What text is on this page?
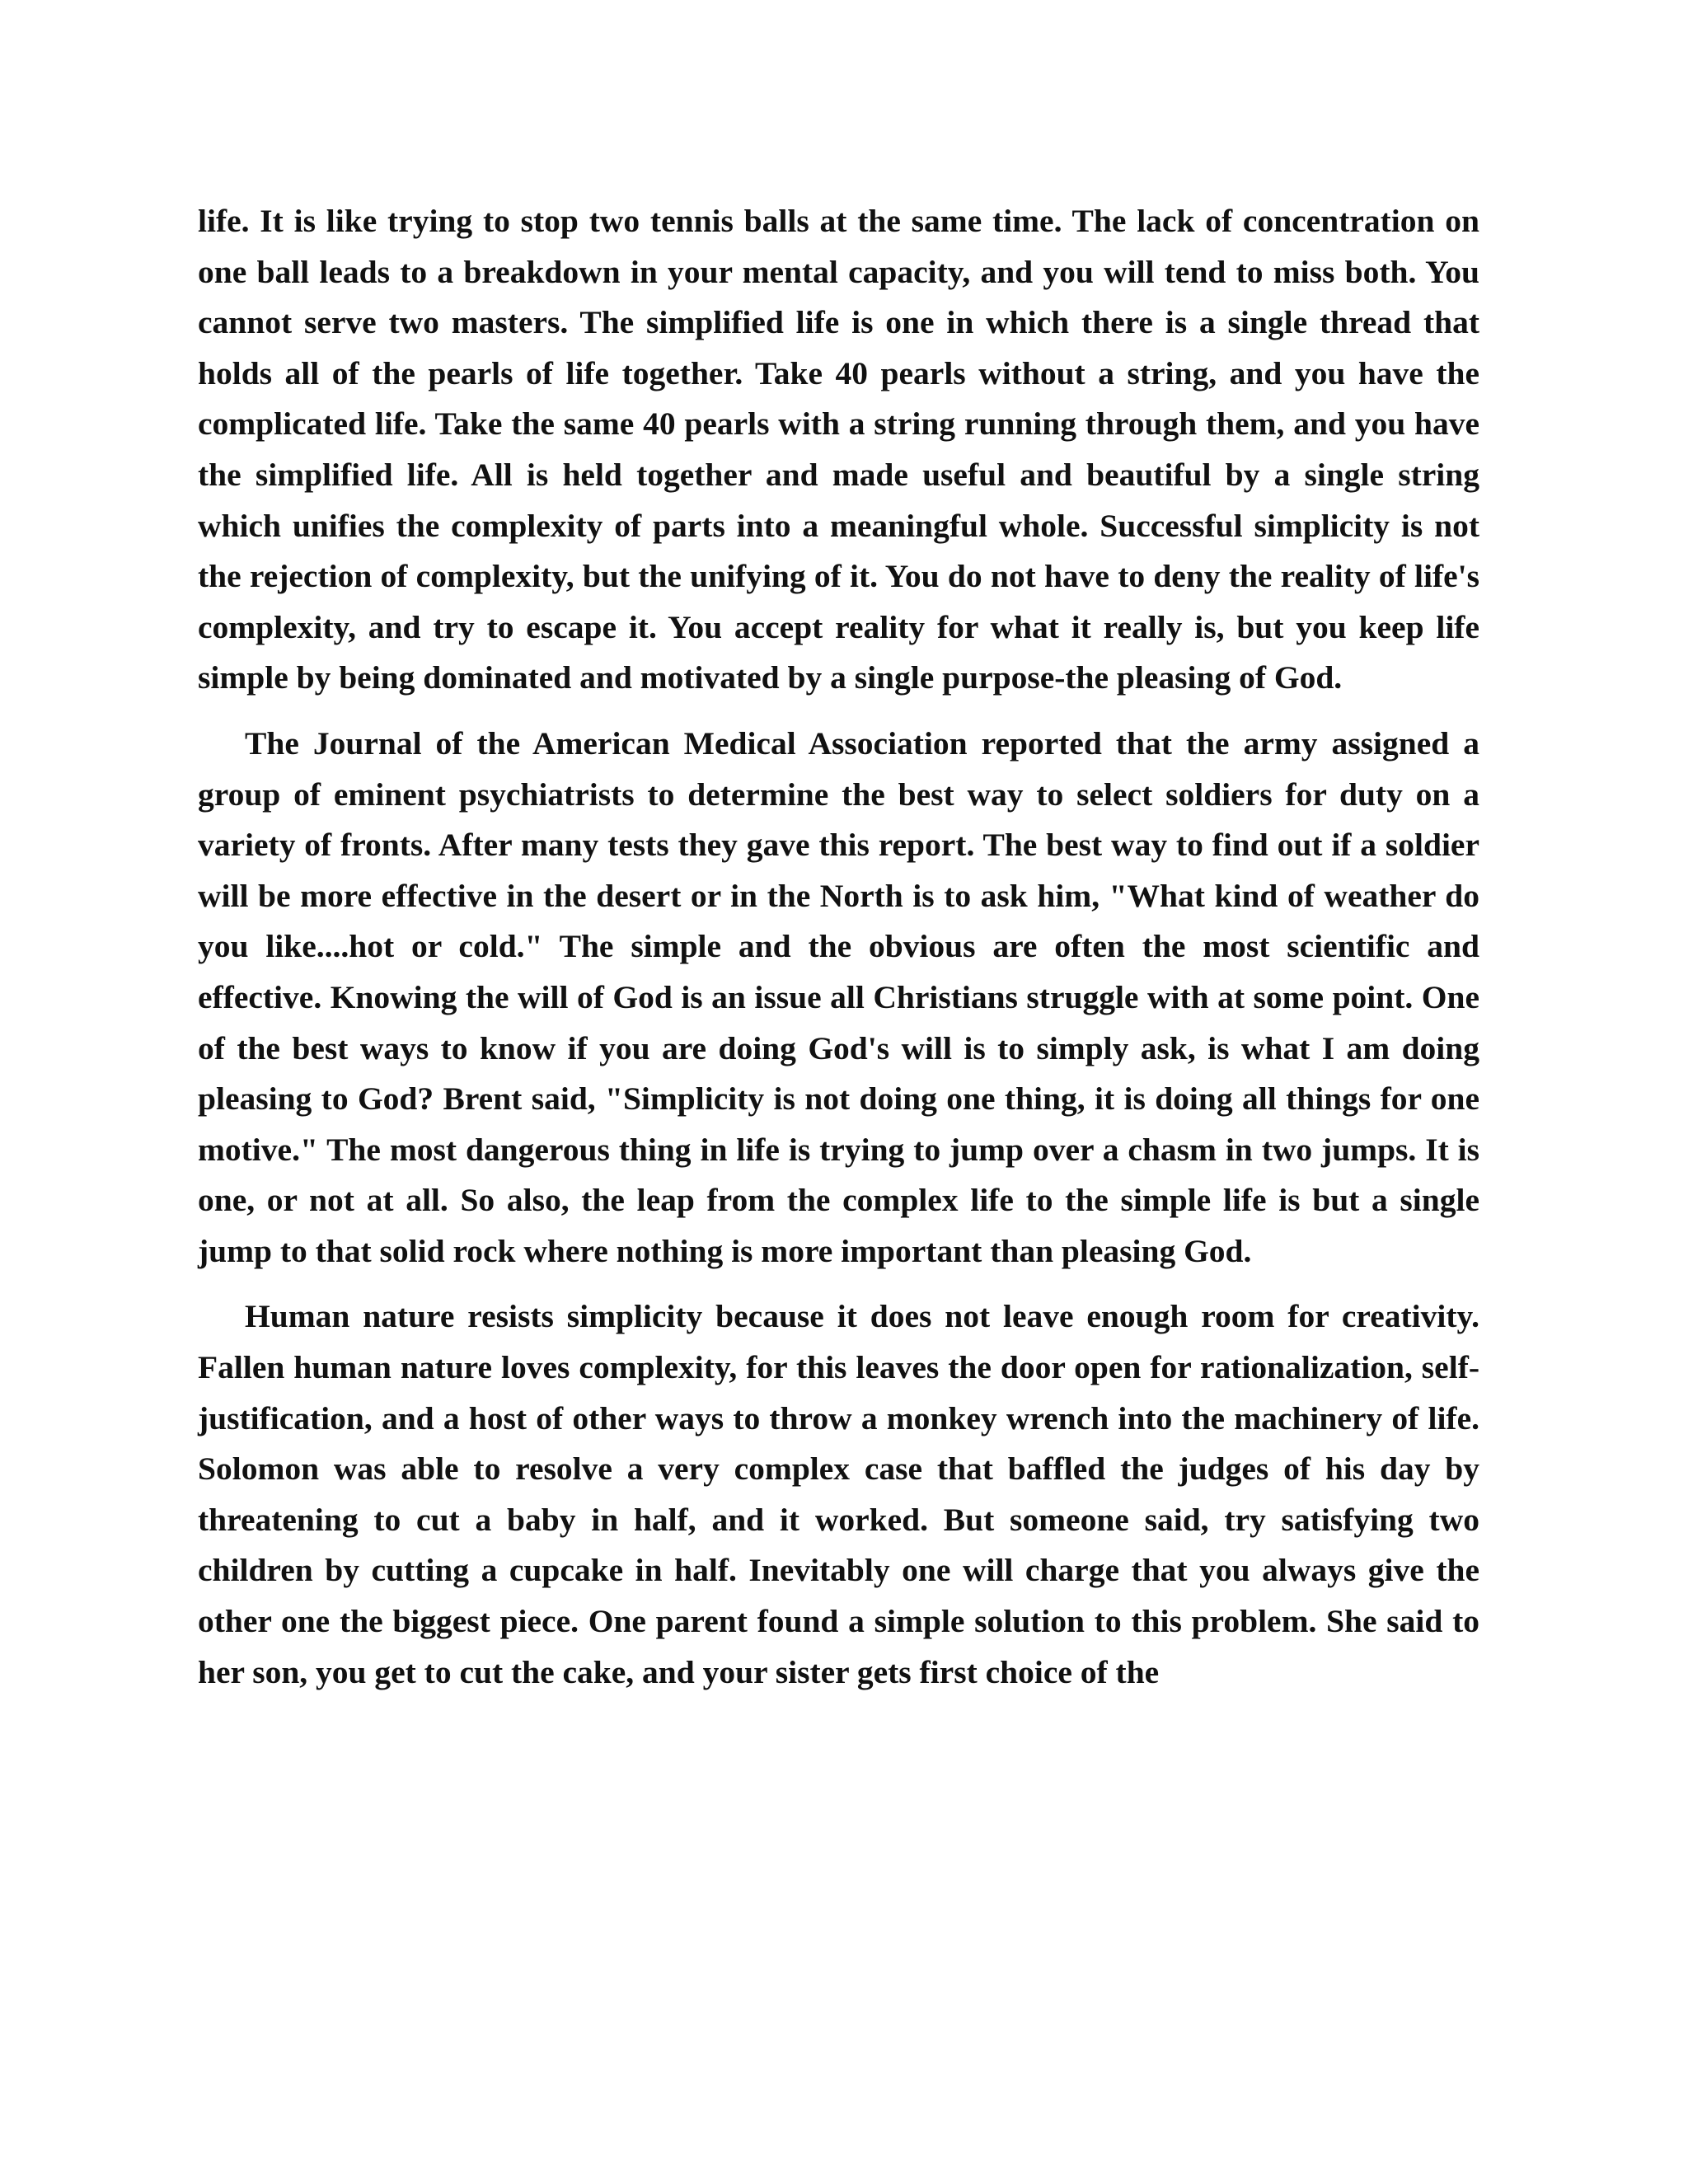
life. It is like trying to stop two tennis balls at the same time. The lack of concentration on one ball leads to a breakdown in your mental capacity, and you will tend to miss both. You cannot serve two masters. The simplified life is one in which there is a single thread that holds all of the pearls of life together. Take 40 pearls without a string, and you have the complicated life. Take the same 40 pearls with a string running through them, and you have the simplified life. All is held together and made useful and beautiful by a single string which unifies the complexity of parts into a meaningful whole. Successful simplicity is not the rejection of complexity, but the unifying of it. You do not have to deny the reality of life's complexity, and try to escape it. You accept reality for what it really is, but you keep life simple by being dominated and motivated by a single purpose-the pleasing of God.

The Journal of the American Medical Association reported that the army assigned a group of eminent psychiatrists to determine the best way to select soldiers for duty on a variety of fronts. After many tests they gave this report. The best way to find out if a soldier will be more effective in the desert or in the North is to ask him, "What kind of weather do you like....hot or cold." The simple and the obvious are often the most scientific and effective. Knowing the will of God is an issue all Christians struggle with at some point. One of the best ways to know if you are doing God's will is to simply ask, is what I am doing pleasing to God? Brent said, "Simplicity is not doing one thing, it is doing all things for one motive." The most dangerous thing in life is trying to jump over a chasm in two jumps. It is one, or not at all. So also, the leap from the complex life to the simple life is but a single jump to that solid rock where nothing is more important than pleasing God.

Human nature resists simplicity because it does not leave enough room for creativity. Fallen human nature loves complexity, for this leaves the door open for rationalization, self-justification, and a host of other ways to throw a monkey wrench into the machinery of life. Solomon was able to resolve a very complex case that baffled the judges of his day by threatening to cut a baby in half, and it worked. But someone said, try satisfying two children by cutting a cupcake in half. Inevitably one will charge that you always give the other one the biggest piece. One parent found a simple solution to this problem. She said to her son, you get to cut the cake, and your sister gets first choice of the
